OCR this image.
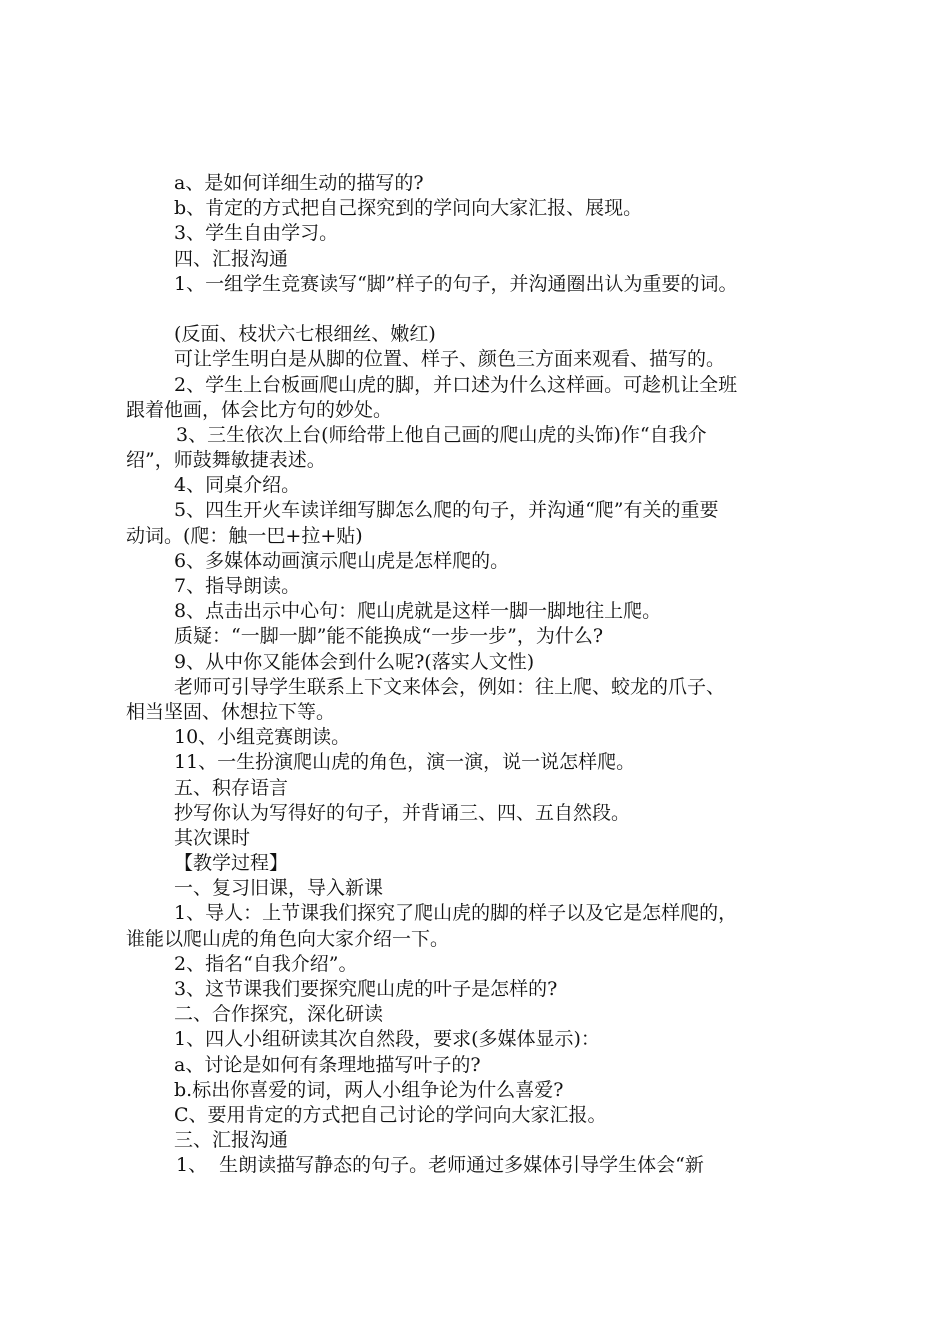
a、是如何详细生动的描写的?
b、肯定的方式把自己探究到的学问向大家汇报、展现。
3、学生自由学习。
四、汇报沟通
1、一组学生竞赛读写“脚”样子的句子，并沟通圈出认为重要的词。
(反面、枝状六七根细丝、嫩红)
可让学生明白是从脚的位置、样子、颜色三方面来观看、描写的。
2、学生上台板画爬山虎的脚，并口述为什么这样画。可趁机让全班
跟着他画，体会比方句的妙处。
3、三生依次上台(师给带上他自己画的爬山虎的头饰)作“自我介
绍”，师鼓舞敏捷表述。
4、同桌介绍。
5、四生开火车读详细写脚怎么爬的句子，并沟通“爬”有关的重要
动词。(爬：触一巴+拉+贴)
6、多媒体动画演示爬山虎是怎样爬的。
7、指导朗读。
8、点击出示中心句：爬山虎就是这样一脚一脚地往上爬。
质疑：“一脚一脚”能不能换成“一步一步”，为什么?
9、从中你又能体会到什么呢?(落实人文性)
老师可引导学生联系上下文来体会，例如：往上爬、蛟龙的爪子、
相当坚固、休想拉下等。
10、小组竞赛朗读。
11、一生扮演爬山虎的角色，演一演，说一说怎样爬。
五、积存语言
抄写你认为写得好的句子，并背诵三、四、五自然段。
其次课时
【教学过程】
一、复习旧课，导入新课
1、导人：上节课我们探究了爬山虎的脚的样子以及它是怎样爬的，
谁能以爬山虎的角色向大家介绍一下。
2、指名“自我介绍”。
3、这节课我们要探究爬山虎的叶子是怎样的?
二、合作探究，深化研读
1、四人小组研读其次自然段，要求(多媒体显示)：
a、讨论是如何有条理地描写叶子的?
b.标出你喜爱的词，两人小组争论为什么喜爱?
C、要用肯定的方式把自己讨论的学问向大家汇报。
三、汇报沟通
1、  生朗读描写静态的句子。老师通过多媒体引导学生体会“新
